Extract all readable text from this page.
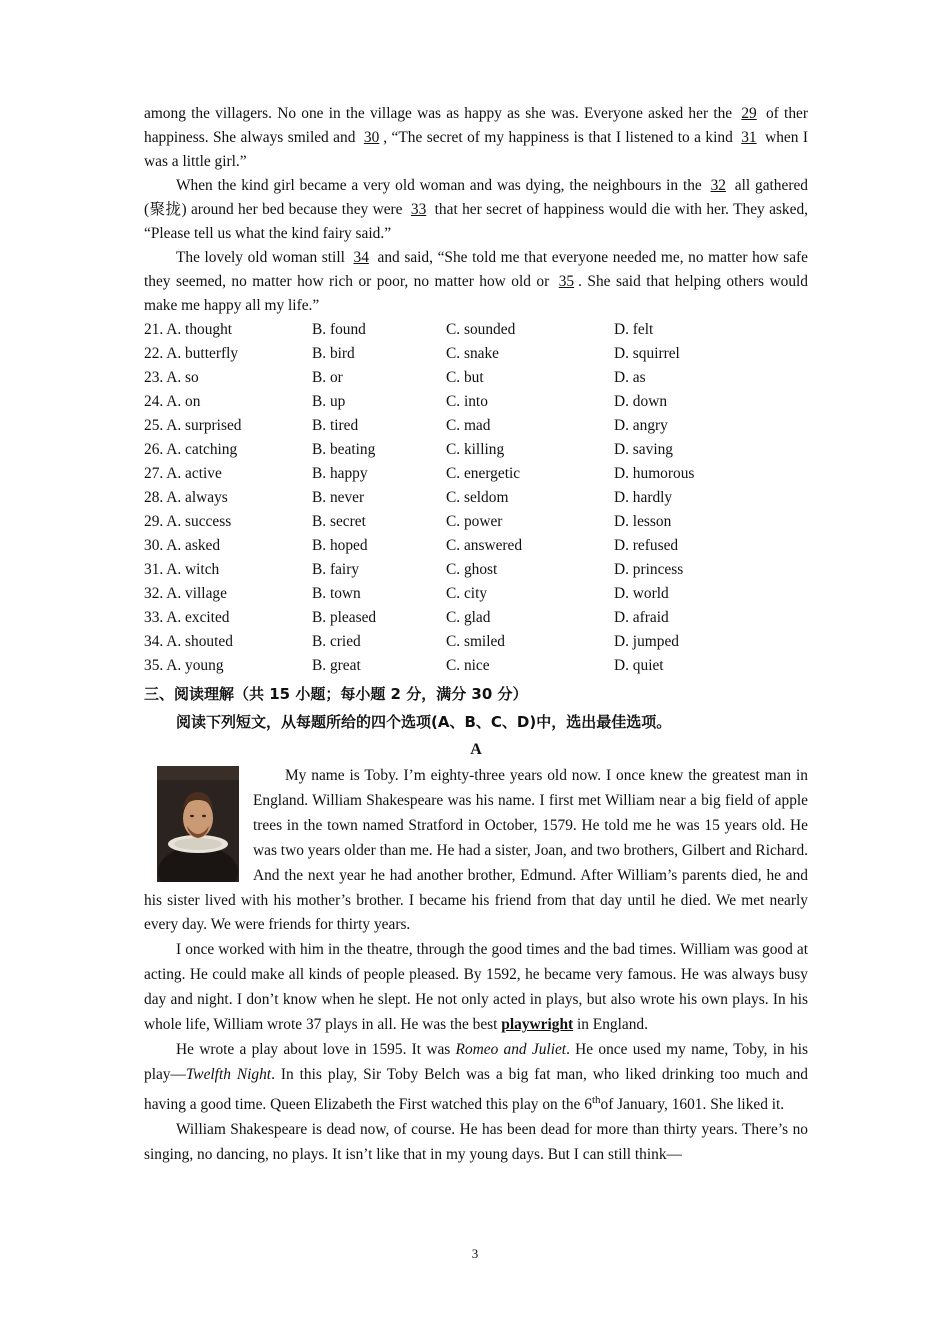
among the villagers. No one in the village was as happy as she was. Everyone asked her the 29 of ther happiness. She always smiled and 30 , “The secret of my happiness is that I listened to a kind 31 when I was a little girl.”

When the kind girl became a very old woman and was dying, the neighbours in the 32 all gathered (聚拢) around her bed because they were 33 that her secret of happiness would die with her. They asked, “Please tell us what the kind fairy said.”

The lovely old woman still 34 and said, “She told me that everyone needed me, no matter how safe they seemed, no matter how rich or poor, no matter how old or 35 . She said that helping others would make me happy all my life.”

21. A. thought	B. found	C. sounded	D. felt
22. A. butterfly	B. bird	C. snake	D. squirrel
23. A. so	B. or	C. but	D. as
24. A. on	B. up	C. into	D. down
25. A. surprised	B. tired	C. mad	D. angry
26. A. catching	B. beating	C. killing	D. saving
27. A. active	B. happy	C. energetic	D. humorous
28. A. always	B. never	C. seldom	D. hardly
29. A. success	B. secret	C. power	D. lesson
30. A. asked	B. hoped	C. answered	D. refused
31. A. witch	B. fairy	C. ghost	D. princess
32. A. village	B. town	C. city	D. world
33. A. excited	B. pleased	C. glad	D. afraid
34. A. shouted	B. cried	C. smiled	D. jumped
35. A. young	B. great	C. nice	D. quiet

三、阅读理解（共 15 小题；每小题 2 分，满分 30 分）

阅读下列短文，从每题所给的四个选项(A、B、C、D)中，选出最佳选项。

A

My name is Toby. I’m eighty-three years old now. I once knew the greatest man in England. William Shakespeare was his name. I first met William near a big field of apple trees in the town named Stratford in October, 1579. He told me he was 15 years old. He was two years older than me. He had a sister, Joan, and two brothers, Gilbert and Richard. And the next year he had another brother, Edmund. After William’s parents died, he and his sister lived with his mother’s brother. I became his friend from that day until he died. We met nearly every day. We were friends for thirty years.

I once worked with him in the theatre, through the good times and the bad times. William was good at acting. He could make all kinds of people pleased. By 1592, he became very famous. He was always busy day and night. I don’t know when he slept. He not only acted in plays, but also wrote his own plays. In his whole life, William wrote 37 plays in all. He was the best playwright in England.

He wrote a play about love in 1595. It was Romeo and Juliet. He once used my name, Toby, in his play—Twelfth Night. In this play, Sir Toby Belch was a big fat man, who liked drinking too much and having a good time. Queen Elizabeth the First watched this play on the 6thof January, 1601. She liked it.

William Shakespeare is dead now, of course. He has been dead for more than thirty years. There’s no singing, no dancing, no plays. It isn’t like that in my young days. But I can still think—

3
